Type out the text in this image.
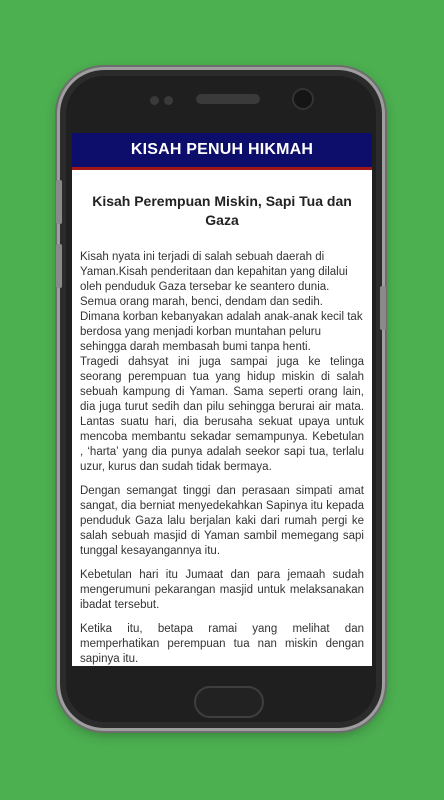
KISAH PENUH HIKMAH
Kisah Perempuan Miskin, Sapi Tua dan Gaza

Kisah nyata ini terjadi di salah sebuah daerah di Yaman.Kisah penderitaan dan kepahitan yang dilalui oleh penduduk Gaza tersebar ke seantero dunia. Semua orang marah, benci, dendam dan sedih. Dimana korban kebanyakan adalah anak-anak kecil tak berdosa yang menjadi korban muntahan peluru sehingga darah membasah bumi tanpa henti.

Tragedi dahsyat ini juga sampai juga ke telinga seorang perempuan tua yang hidup miskin di salah sebuah kampung di Yaman. Sama seperti orang lain, dia juga turut sedih dan pilu sehingga berurai air mata. Lantas suatu hari, dia berusaha sekuat upaya untuk mencoba membantu sekadar semampunya. Kebetulan , ‘harta’ yang dia punya adalah seekor sapi tua, terlalu uzur, kurus dan sudah tidak bermaya.

Dengan semangat tinggi dan perasaan simpati amat sangat, dia berniat menyedekahkan Sapinya itu kepada penduduk Gaza lalu berjalan kaki dari rumah pergi ke salah sebuah masjid di Yaman sambil memegang sapi tunggal kesayangannya itu.

Kebetulan hari itu Jumaat dan para jemaah sudah mengerumuni pekarangan masjid untuk melaksanakan ibadat tersebut.

Ketika itu, betapa ramai yang melihat dan memperhatikan perempuan tua nan miskin dengan sapinya itu.
